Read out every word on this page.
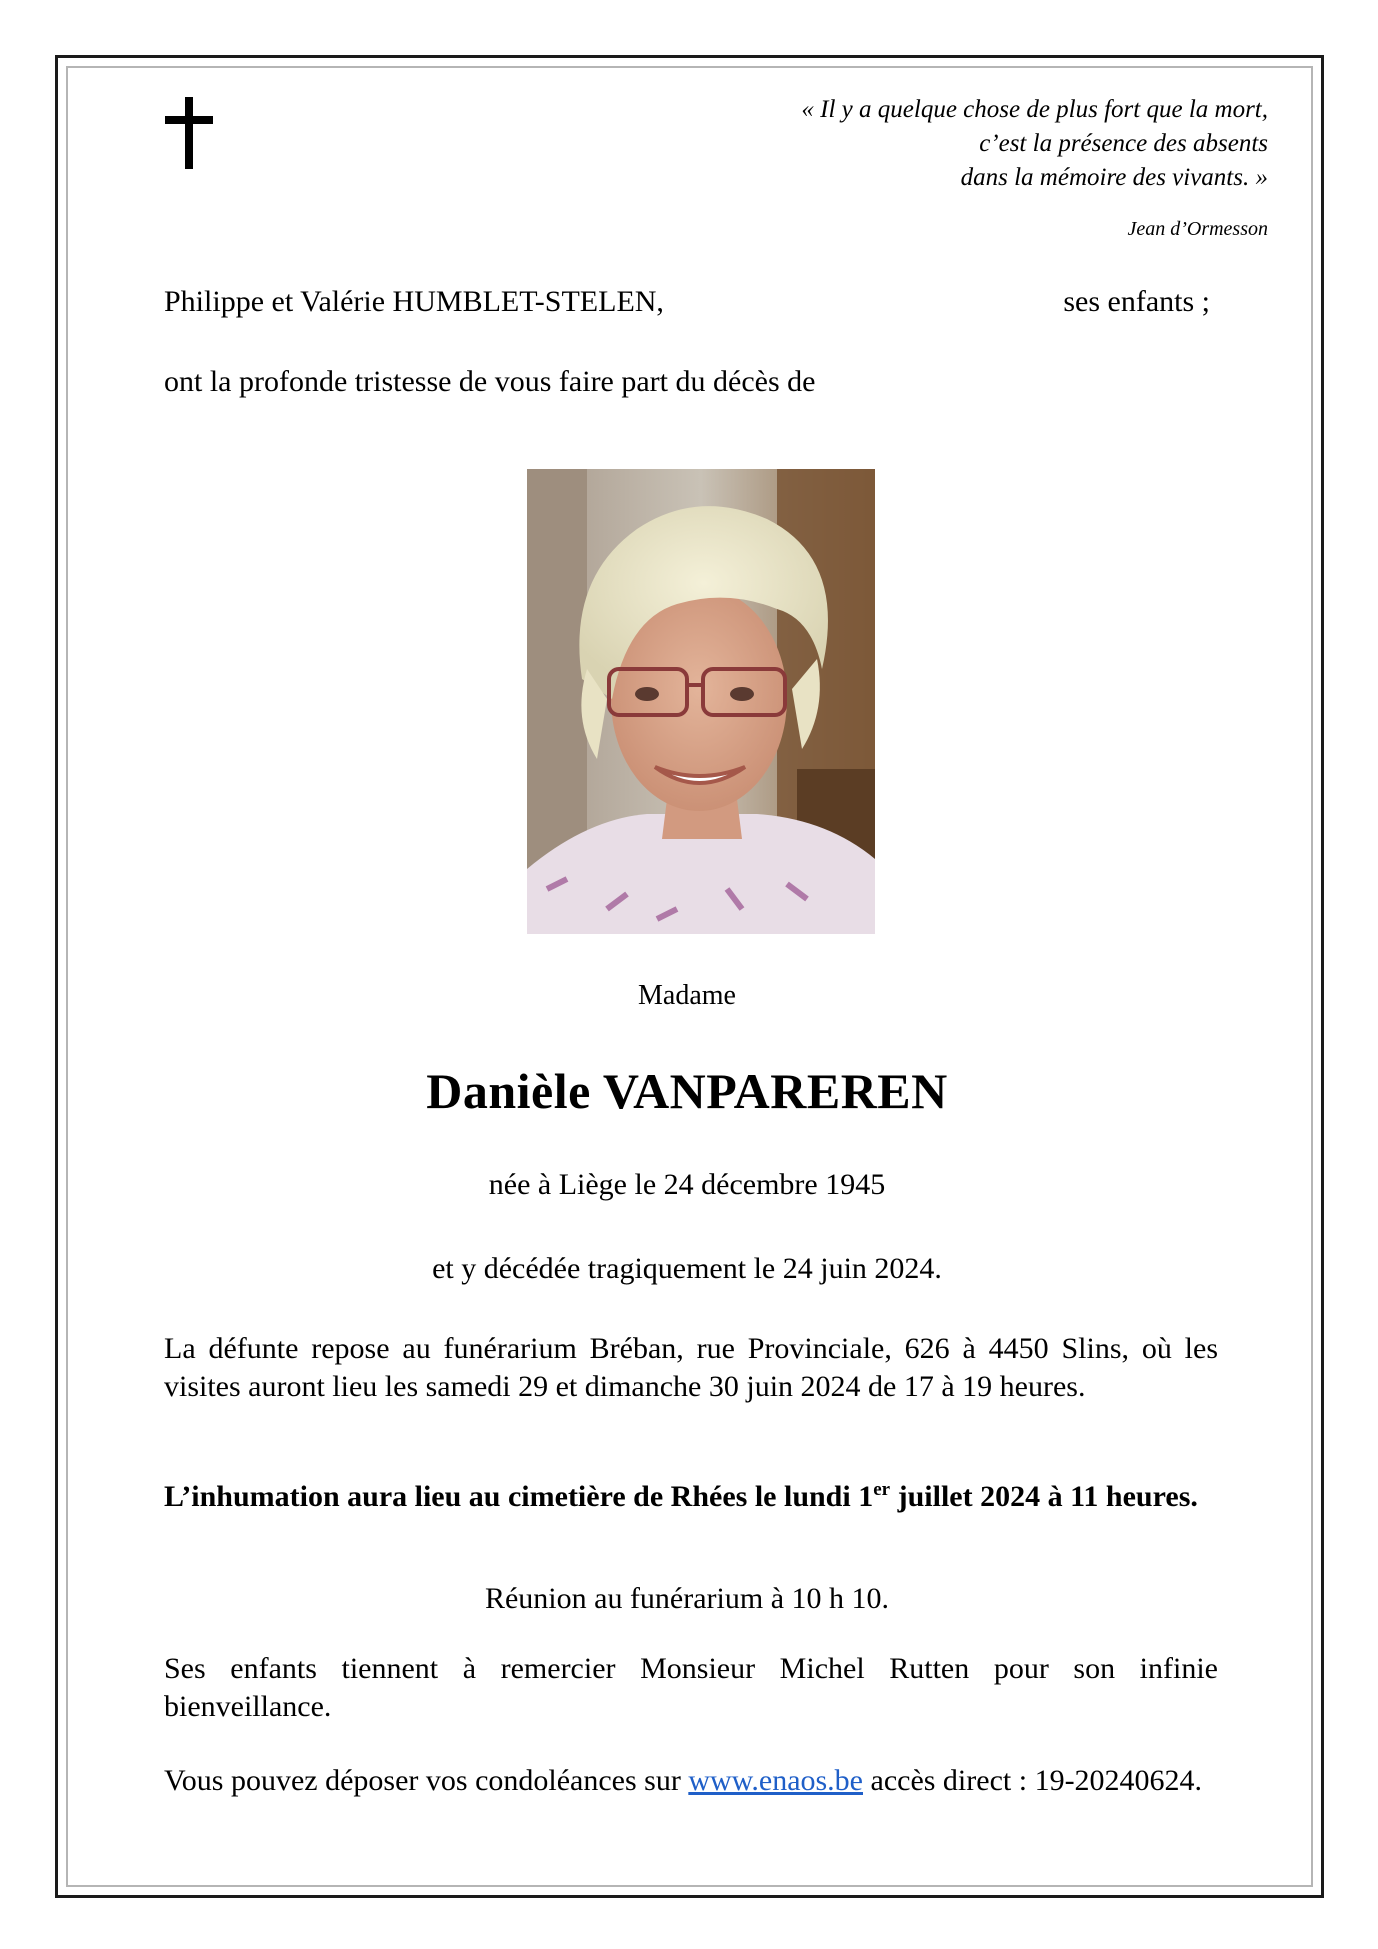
« Il y a quelque chose de plus fort que la mort,
c’est la présence des absents
dans la mémoire des vivants. »
Jean d’Ormesson
Philippe et Valérie HUMBLET-STELEN,	ses enfants ;
ont la profonde tristesse de vous faire part du décès de
Madame
Danièle VANPAREREN
née à Liège le 24 décembre 1945
et y décédée tragiquement le 24 juin 2024.
La défunte repose au funérarium Bréban, rue Provinciale, 626 à 4450 Slins, où les visites auront lieu les samedi 29 et dimanche 30 juin 2024 de 17 à 19 heures.
L’inhumation aura lieu au cimetière de Rhées le lundi 1er juillet 2024 à 11 heures.
Réunion au funérarium à 10 h 10.
Ses enfants tiennent à remercier Monsieur Michel Rutten pour son infinie bienveillance.
Vous pouvez déposer vos condoléances sur www.enaos.be accès direct : 19-20240624.
